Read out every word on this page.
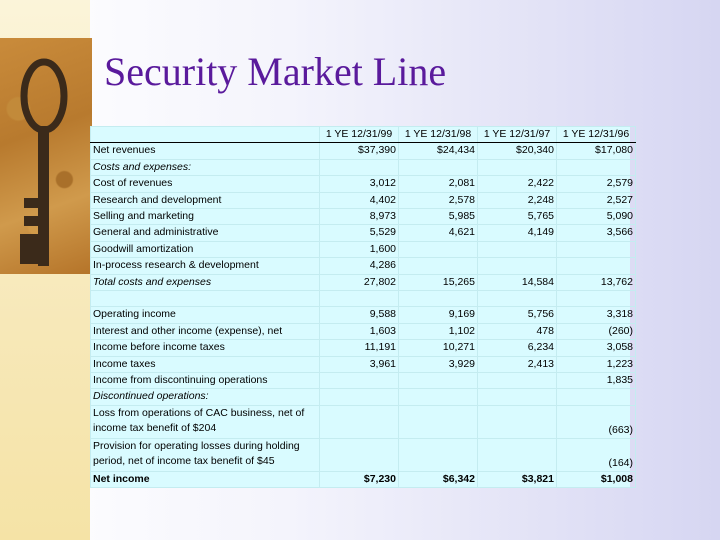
Security Market Line
	1 YE 12/31/99	1 YE 12/31/98	1 YE 12/31/97	1 YE 12/31/96
Net revenues	$37,390	$24,434	$20,340	$17,080
Costs and expenses:				
Cost of revenues	3,012	2,081	2,422	2,579
Research and development	4,402	2,578	2,248	2,527
Selling and marketing	8,973	5,985	5,765	5,090
General and administrative	5,529	4,621	4,149	3,566
Goodwill amortization	1,600			
In-process research & development	4,286			
Total costs and expenses	27,802	15,265	14,584	13,762

Operating income	9,588	9,169	5,756	3,318
Interest and other income (expense), net	1,603	1,102	478	(260)
Income before income taxes	11,191	10,271	6,234	3,058
Income taxes	3,961	3,929	2,413	1,223
Income from discontinuing operations				1,835
Discontinued operations:				
Loss from operations of CAC business, net of income tax benefit of $204				(663)
Provision for operating losses during holding period, net of income tax benefit of $45				(164)
Net income	$7,230	$6,342	$3,821	$1,008
